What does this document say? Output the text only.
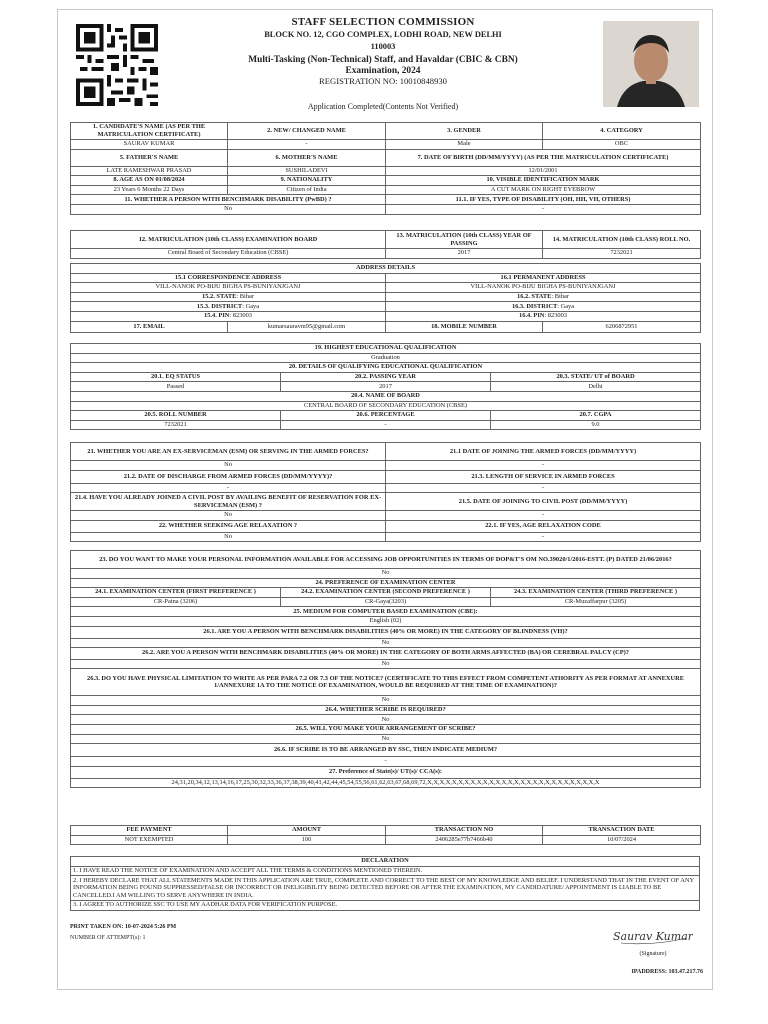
STAFF SELECTION COMMISSION
BLOCK NO. 12, CGO COMPLEX, LODHI ROAD, NEW DELHI
110003
Multi-Tasking (Non-Technical) Staff, and Havaldar (CBIC & CBN)
Examination, 2024
REGISTRATION NO: 10010848930
Application Completed(Contents Not Verified)
1. CANDIDATE'S NAME (AS PER THE MATRICULATION CERTIFICATE)	2. NEW/ CHANGED NAME	3. GENDER	4. CATEGORY
SAURAV KUMAR	-	Male	OBC
5. FATHER'S NAME	6. MOTHER'S NAME	7. DATE OF BIRTH (DD/MM/YYYY) (AS PER THE MATRICULATION CERTIFICATE)	
LATE RAMESHWAR PRASAD	SUSHILADEVI	12/01/2001	
8. AGE AS ON 01/08/2024	9. NATIONALITY	10. VISIBLE IDENTIFICATION MARK	
23 Years 6 Months 22 Days	Citizen of India	A CUT MARK ON RIGHT EYEBROW	
11. WHETHER A PERSON WITH BENCHMARK DISABILITY (PwBD) ?		11.1. IF YES, TYPE OF DISABILITY (OH, HH, VH, OTHERS)	
No		-	
12. MATRICULATION (10th CLASS) EXAMINATION BOARD	13. MATRICULATION (10th CLASS) YEAR OF PASSING	14. MATRICULATION (10th CLASS) ROLL NO.
Central Board of Secondary Education (CBSE)	2017	7232021
ADDRESS DETAILS			
15.1 CORRESPONDENCE ADDRESS		16.1 PERMANENT ADDRESS	
VILL-NANOK PO-BIJU BIGHA PS-BUNIYANJGANJ		VILL-NANOK PO-BIJU BIGHA PS-BUNIYANJGANJ	
15.2. STATE: Bihar		16.2. STATE: Bihar	
15.3. DISTRICT: Gaya		16.3. DISTRICT: Gaya	
15.4. PIN: 823003		16.4. PIN: 823003	
17. EMAIL	kumarsauravm95@gmail.com	18. MOBILE NUMBER	6206872951
19. HIGHEST EDUCATIONAL QUALIFICATION		
Graduation		
20. DETAILS OF QUALIFYING EDUCATIONAL QUALIFICATION		
20.1. EQ STATUS	20.2. PASSING YEAR	20.3. STATE/ UT of BOARD
Passed	2017	Delhi
20.4. NAME OF BOARD		
CENTRAL BOARD OF SECONDARY EDUCATION (CBSE)		
20.5. ROLL NUMBER	20.6. PERCENTAGE	20.7. CGPA
7232021	-	9.0
21. WHETHER YOU ARE AN EX-SERVICEMAN (ESM) OR SERVING IN THE ARMED FORCES?	21.1 DATE OF JOINING THE ARMED FORCES (DD/MM/YYYY)
No	-
21.2. DATE OF DISCHARGE FROM ARMED FORCES (DD/MM/YYYY)?	21.3. LENGTH OF SERVICE IN ARMED FORCES
-	-
21.4. HAVE YOU ALREADY JOINED A CIVIL POST BY AVAILING BENEFIT OF RESERVATION FOR EX-SERVICEMAN (ESM) ?	21.5. DATE OF JOINING TO CIVIL POST (DD/MM/YYYY)
No	-
22. WHETHER SEEKING AGE RELAXATION ?	22.1. IF YES, AGE RELAXATION CODE
No	-
23. DO YOU WANT TO MAKE YOUR PERSONAL INFORMATION AVAILABLE FOR ACCESSING JOB OPPORTUNITIES IN TERMS OF DOP&T'S OM NO.39020/1/2016-ESTT. (P) DATED 21/06/2016?		
No		
24. PREFERENCE OF EXAMINATION CENTER		
24.1. EXAMINATION CENTER (FIRST PREFERENCE )	24.2. EXAMINATION CENTER (SECOND PREFERENCE )	24.3. EXAMINATION CENTER (THIRD PREFERENCE )
CR-Patna (3206)	CR-Gaya(3203)	CR-Muzaffarpur (3205)
25. MEDIUM FOR COMPUTER BASED EXAMINATION (CBE):		
English (02)		
26.1. ARE YOU A PERSON WITH BENCHMARK DISABILITIES (40% OR MORE) IN THE CATEGORY OF BLINDNESS (VH)?		
No		
26.2. ARE YOU A PERSON WITH BENCHMARK DISABILITIES (40% OR MORE) IN THE CATEGORY OF BOTH ARMS AFFECTED (BA) OR CEREBRAL PALCY (CP)?		
No		
26.3. DO YOU HAVE PHYSICAL LIMITATION TO WRITE AS PER PARA 7.2 OR 7.3 OF THE NOTICE? (CERTIFICATE TO THIS EFFECT FROM COMPETENT ATHORITY AS PER FORMAT AT ANNEXURE 1/ANNEXURE 1A TO THE NOTICE OF EXAMINATION, WOULD BE REQUIRED AT THE TIME OF EXAMINATION)?		
No		
26.4. WHETHER SCRIBE IS REQUIRED?		
No		
26.5. WILL YOU MAKE YOUR ARRANGEMENT OF SCRIBE?		
No		
26.6. IF SCRIBE IS TO BE ARRANGED BY SSC, THEN INDICATE MEDIUM?		
-		
27. Preference of State(s)/ UT(s)/ CCA(s):		
24,31,20,34,12,13,14,16,17,25,30,32,33,36,37,38,39,40,41,42,44,45,54,55,56,61,62,63,67,68,69,72,X,X,X,X,X,X,X,X,X,X,X,X,X,X,X,X,X,X,X,X,X,X,X,X,X,X,X,X		
FEE PAYMENT	AMOUNT	TRANSACTION NO	TRANSACTION DATE
NOT EXEMPTED	100	2406285e77b7466b40	10/07/2024
DECLARATION
1. I HAVE READ THE NOTICE OF EXAMINATION AND ACCEPT ALL THE TERMS & CONDITIONS MENTIONED THEREIN.
2. I HEREBY DECLARE THAT ALL STATEMENTS MADE IN THIS APPLICATION ARE TRUE, COMPLETE AND CORRECT TO THE BEST OF MY KNOWLEDGE AND BELIEF. I UNDERSTAND THAT IN THE EVENT OF ANY INFORMATION BEING FOUND SUPPRESSED/FALSE OR INCORRECT OR INELIGIBILITY BEING DETECTED BEFORE OR AFTER THE EXAMINATION, MY CANDIDATURE/ APPOINTMENT IS LIABLE TO BE CANCELLED.I AM WILLING TO SERVE ANYWHERE IN INDIA.
3. I AGREE TO AUTHORIZE SSC TO USE MY AADHAR DATA FOR VERIFICATION PURPOSE.
PRINT TAKEN ON: 10-07-2024 5:26 PM
NUMBER OF ATTEMPT(s): 1	Saurav Kumar
(Signature)
IPADDRESS: 103.47.217.76
